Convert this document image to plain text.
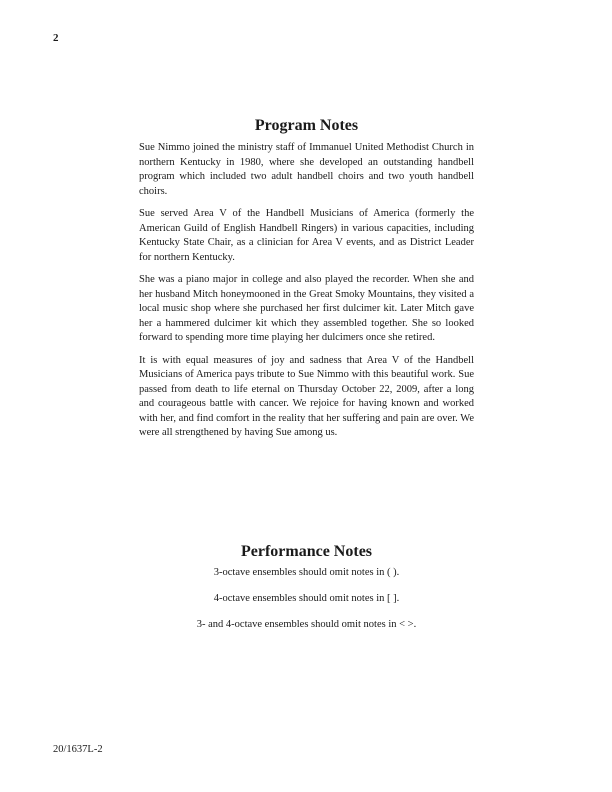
2
Program Notes

Sue Nimmo joined the ministry staff of Immanuel United Methodist Church in northern Kentucky in 1980, where she developed an outstanding handbell program which included two adult handbell choirs and two youth handbell choirs.

Sue served Area V of the Handbell Musicians of America (formerly the American Guild of English Handbell Ringers) in various capacities, including Kentucky State Chair, as a clinician for Area V events, and as District Leader for northern Kentucky.

She was a piano major in college and also played the recorder. When she and her husband Mitch honeymooned in the Great Smoky Mountains, they visited a local music shop where she purchased her first dulcimer kit. Later Mitch gave her a hammered dulcimer kit which they assembled together. She so looked forward to spending more time playing her dulcimers once she retired.

It is with equal measures of joy and sadness that Area V of the Handbell Musicians of America pays tribute to Sue Nimmo with this beautiful work. Sue passed from death to life eternal on Thursday October 22, 2009, after a long and courageous battle with cancer. We rejoice for having known and worked with her, and find comfort in the reality that her suffering and pain are over. We were all strengthened by having Sue among us.

Performance Notes

3-octave ensembles should omit notes in ( ).

4-octave ensembles should omit notes in [ ].

3- and 4-octave ensembles should omit notes in < >.

20/1637L-2
